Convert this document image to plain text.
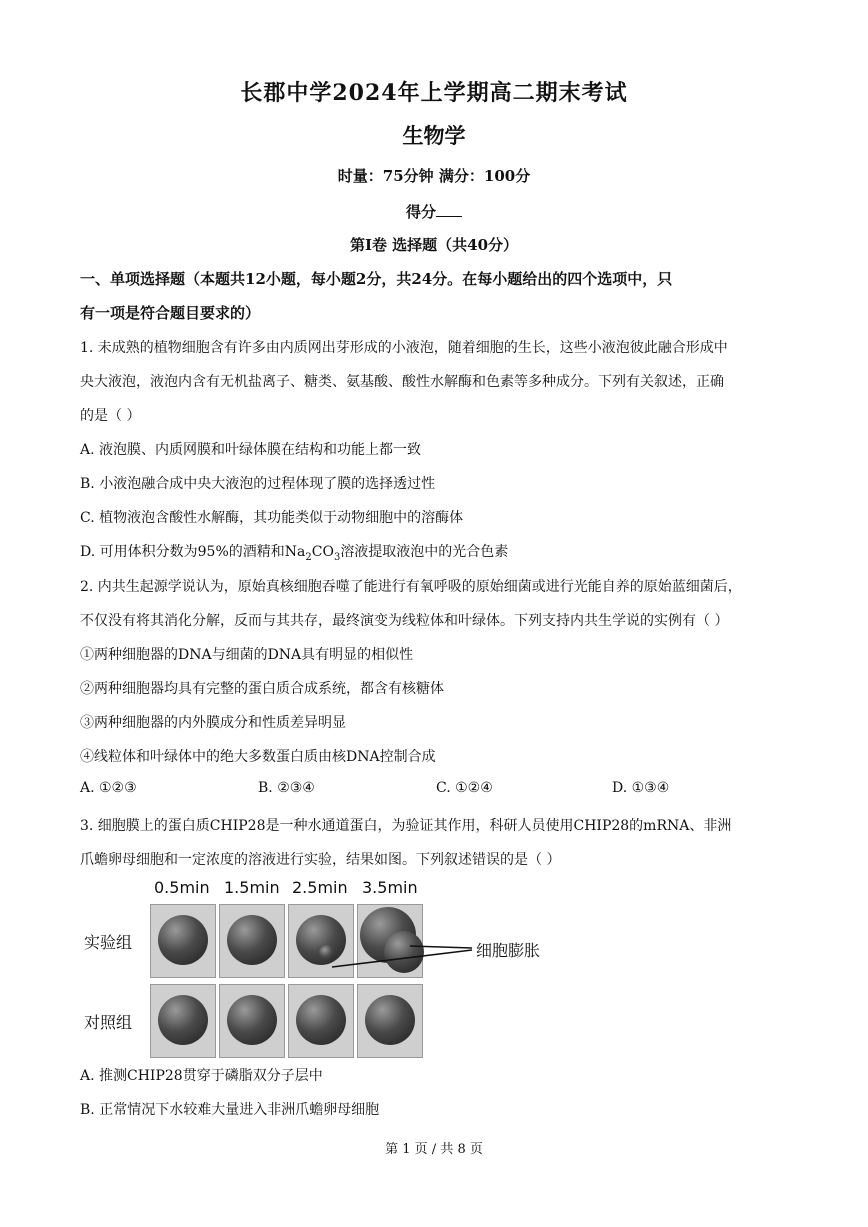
长郡中学2024年上学期高二期末考试
生物学
时量：75分钟 满分：100分
得分
第Ⅰ卷 选择题（共40分）
一、单项选择题（本题共12小题，每小题2分，共24分。在每小题给出的四个选项中，只
有一项是符合题目要求的）
1. 未成熟的植物细胞含有许多由内质网出芽形成的小液泡，随着细胞的生长，这些小液泡彼此融合形成中
央大液泡，液泡内含有无机盐离子、糖类、氨基酸、酸性水解酶和色素等多种成分。下列有关叙述，正确
的是（ ）
A. 液泡膜、内质网膜和叶绿体膜在结构和功能上都一致
B. 小液泡融合成中央大液泡的过程体现了膜的选择透过性
C. 植物液泡含酸性水解酶，其功能类似于动物细胞中的溶酶体
D. 可用体积分数为95%的酒精和$Na_2CO_3$溶液提取液泡中的光合色素
2. 内共生起源学说认为，原始真核细胞吞噬了能进行有氧呼吸的原始细菌或进行光能自养的原始蓝细菌后，
不仅没有将其消化分解，反而与其共存，最终演变为线粒体和叶绿体。下列支持内共生学说的实例有（ ）
①两种细胞器的DNA与细菌的DNA具有明显的相似性
②两种细胞器均具有完整的蛋白质合成系统，都含有核糖体
③两种细胞器的内外膜成分和性质差异明显
④线粒体和叶绿体中的绝大多数蛋白质由核DNA控制合成
A. ①②③	B. ②③④	C. ①②④	D. ①③④
3. 细胞膜上的蛋白质CHIP28是一种水通道蛋白，为验证其作用，科研人员使用CHIP28的mRNA、非洲
爪蟾卵母细胞和一定浓度的溶液进行实验，结果如图。下列叙述错误的是（ ）
0.5min 1.5min 2.5min 3.5min
实验组
对照组
细胞膨胀
A. 推测CHIP28贯穿于磷脂双分子层中
B. 正常情况下水较难大量进入非洲爪蟾卵母细胞
第 1 页 / 共 8 页
